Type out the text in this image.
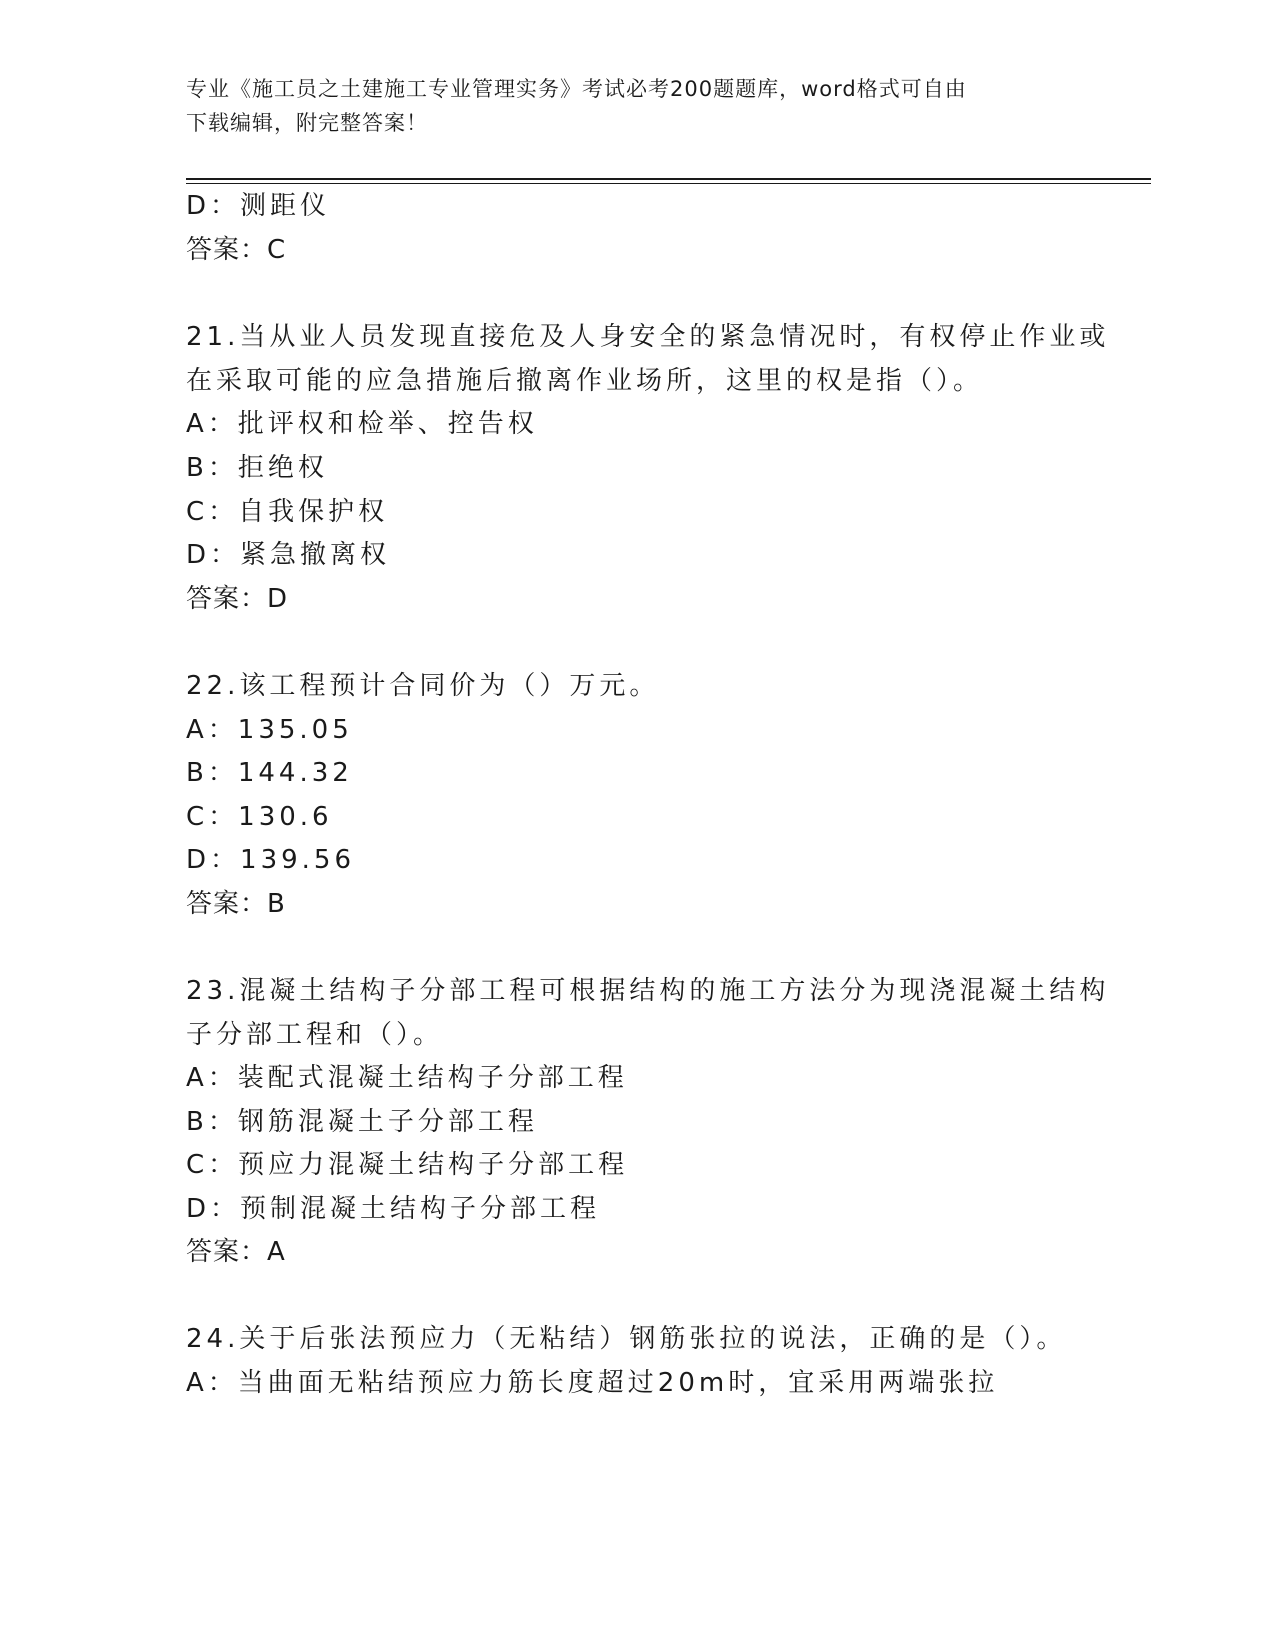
专业《施工员之土建施工专业管理实务》考试必考200题题库，word格式可自由
下载编辑，附完整答案！
D：测距仪
答案：C
21.当从业人员发现直接危及人身安全的紧急情况时，有权停止作业或
在采取可能的应急措施后撤离作业场所，这里的权是指（）。
A：批评权和检举、控告权
B：拒绝权
C：自我保护权
D：紧急撤离权
答案：D
22.该工程预计合同价为（）万元。
A：135.05
B：144.32
C：130.6
D：139.56
答案：B
23.混凝土结构子分部工程可根据结构的施工方法分为现浇混凝土结构
子分部工程和（）。
A：装配式混凝土结构子分部工程
B：钢筋混凝土子分部工程
C：预应力混凝土结构子分部工程
D：预制混凝土结构子分部工程
答案：A
24.关于后张法预应力（无粘结）钢筋张拉的说法，正确的是（）。
A：当曲面无粘结预应力筋长度超过20m时，宜采用两端张拉
